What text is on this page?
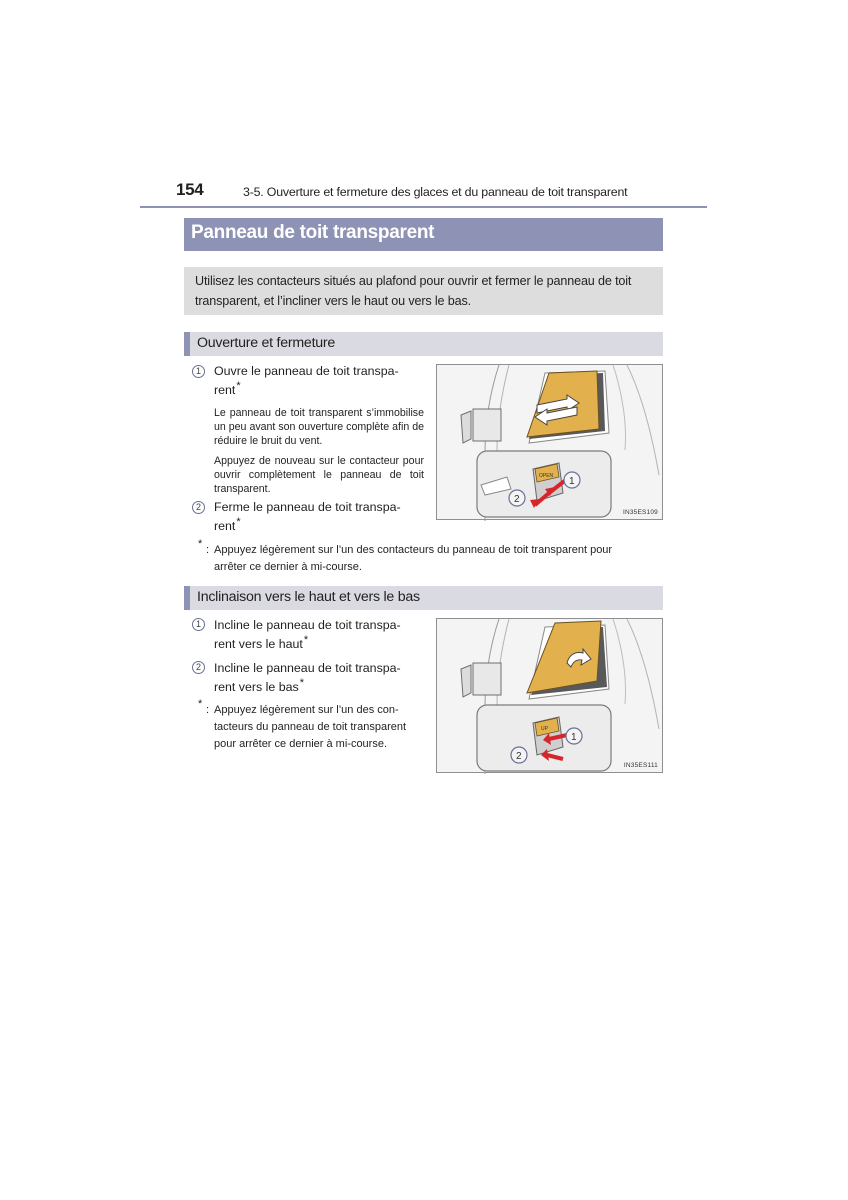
154	3-5. Ouverture et fermeture des glaces et du panneau de toit transparent
Panneau de toit transparent

Utilisez les contacteurs situés au plafond pour ouvrir et fermer le panneau de toit transparent, et l’incliner vers le haut ou vers le bas.

Ouverture et fermeture
1	Ouvre le panneau de toit transpa-
rent*
Le panneau de toit transparent s’immobilise un peu avant son ouverture complète afin de réduire le bruit du vent.
Appuyez de nouveau sur le contacteur pour ouvrir complètement le panneau de toit transparent.
2	Ferme le panneau de toit transpa-
rent*
* : Appuyez légèrement sur l’un des contacteurs du panneau de toit transparent pour
arrêter ce dernier à mi-course.
OPEN 1
2
IN35ES109
Inclinaison vers le haut et vers le bas
1	Incline le panneau de toit transpa-
rent vers le haut*
2	Incline le panneau de toit transpa-
rent vers le bas*
* : Appuyez légèrement sur l’un des con-
tacteurs du panneau de toit transparent
pour arrêter ce dernier à mi-course.
UP
1
2
IN35ES111
